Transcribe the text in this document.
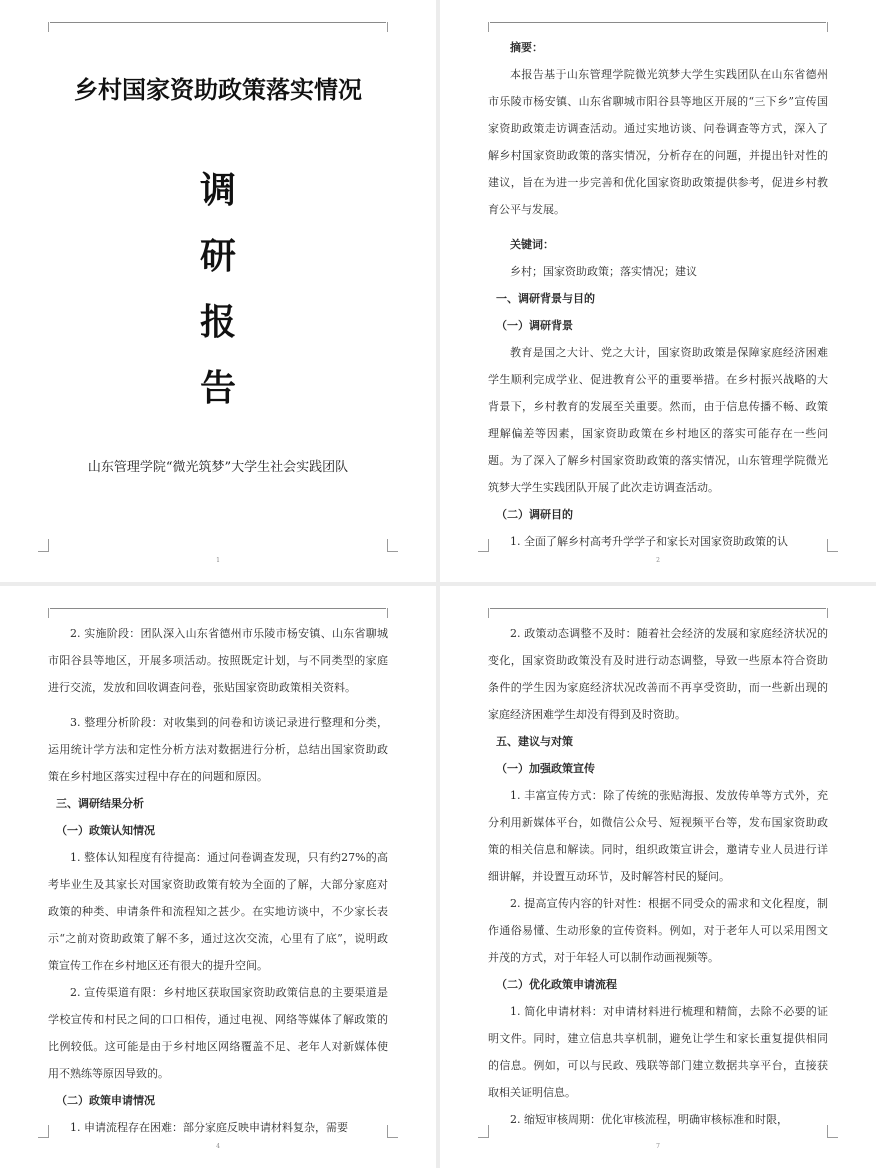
乡村国家资助政策落实情况
调
研
报
告
山东管理学院“微光筑梦”大学生社会实践团队
1

摘要：

本报告基于山东管理学院微光筑梦大学生实践团队在山东省德州市乐陵市杨安镇、山东省聊城市阳谷县等地区开展的“三下乡”宣传国家资助政策走访调查活动。通过实地访谈、问卷调查等方式，深入了解乡村国家资助政策的落实情况，分析存在的问题，并提出针对性的建议，旨在为进一步完善和优化国家资助政策提供参考，促进乡村教育公平与发展。

关键词：

乡村；国家资助政策；落实情况；建议

一、调研背景与目的

（一）调研背景

教育是国之大计、党之大计，国家资助政策是保障家庭经济困难学生顺利完成学业、促进教育公平的重要举措。在乡村振兴战略的大背景下，乡村教育的发展至关重要。然而，由于信息传播不畅、政策理解偏差等因素，国家资助政策在乡村地区的落实可能存在一些问题。为了深入了解乡村国家资助政策的落实情况，山东管理学院微光筑梦大学生实践团队开展了此次走访调查活动。

（二）调研目的

1. 全面了解乡村高考升学学子和家长对国家资助政策的认

2

2. 实施阶段：团队深入山东省德州市乐陵市杨安镇、山东省聊城市阳谷县等地区，开展多项活动。按照既定计划，与不同类型的家庭进行交流，发放和回收调查问卷，张贴国家资助政策相关资料。

3. 整理分析阶段：对收集到的问卷和访谈记录进行整理和分类，运用统计学方法和定性分析方法对数据进行分析，总结出国家资助政策在乡村地区落实过程中存在的问题和原因。

三、调研结果分析

（一）政策认知情况

1. 整体认知程度有待提高：通过问卷调查发现，只有约27%的高考毕业生及其家长对国家资助政策有较为全面的了解，大部分家庭对政策的种类、申请条件和流程知之甚少。在实地访谈中，不少家长表示“之前对资助政策了解不多，通过这次交流，心里有了底”，说明政策宣传工作在乡村地区还有很大的提升空间。

2. 宣传渠道有限：乡村地区获取国家资助政策信息的主要渠道是学校宣传和村民之间的口口相传，通过电视、网络等媒体了解政策的比例较低。这可能是由于乡村地区网络覆盖不足、老年人对新媒体使用不熟练等原因导致的。

（二）政策申请情况

1. 申请流程存在困难：部分家庭反映申请材料复杂，需要

4

2. 政策动态调整不及时：随着社会经济的发展和家庭经济状况的变化，国家资助政策没有及时进行动态调整，导致一些原本符合资助条件的学生因为家庭经济状况改善而不再享受资助，而一些新出现的家庭经济困难学生却没有得到及时资助。

五、建议与对策

（一）加强政策宣传

1. 丰富宣传方式：除了传统的张贴海报、发放传单等方式外，充分利用新媒体平台，如微信公众号、短视频平台等，发布国家资助政策的相关信息和解读。同时，组织政策宣讲会，邀请专业人员进行详细讲解，并设置互动环节，及时解答村民的疑问。

2. 提高宣传内容的针对性：根据不同受众的需求和文化程度，制作通俗易懂、生动形象的宣传资料。例如，对于老年人可以采用图文并茂的方式，对于年轻人可以制作动画视频等。

（二）优化政策申请流程

1. 简化申请材料：对申请材料进行梳理和精简，去除不必要的证明文件。同时，建立信息共享机制，避免让学生和家长重复提供相同的信息。例如，可以与民政、残联等部门建立数据共享平台，直接获取相关证明信息。

2. 缩短审核周期：优化审核流程，明确审核标准和时限，

7
